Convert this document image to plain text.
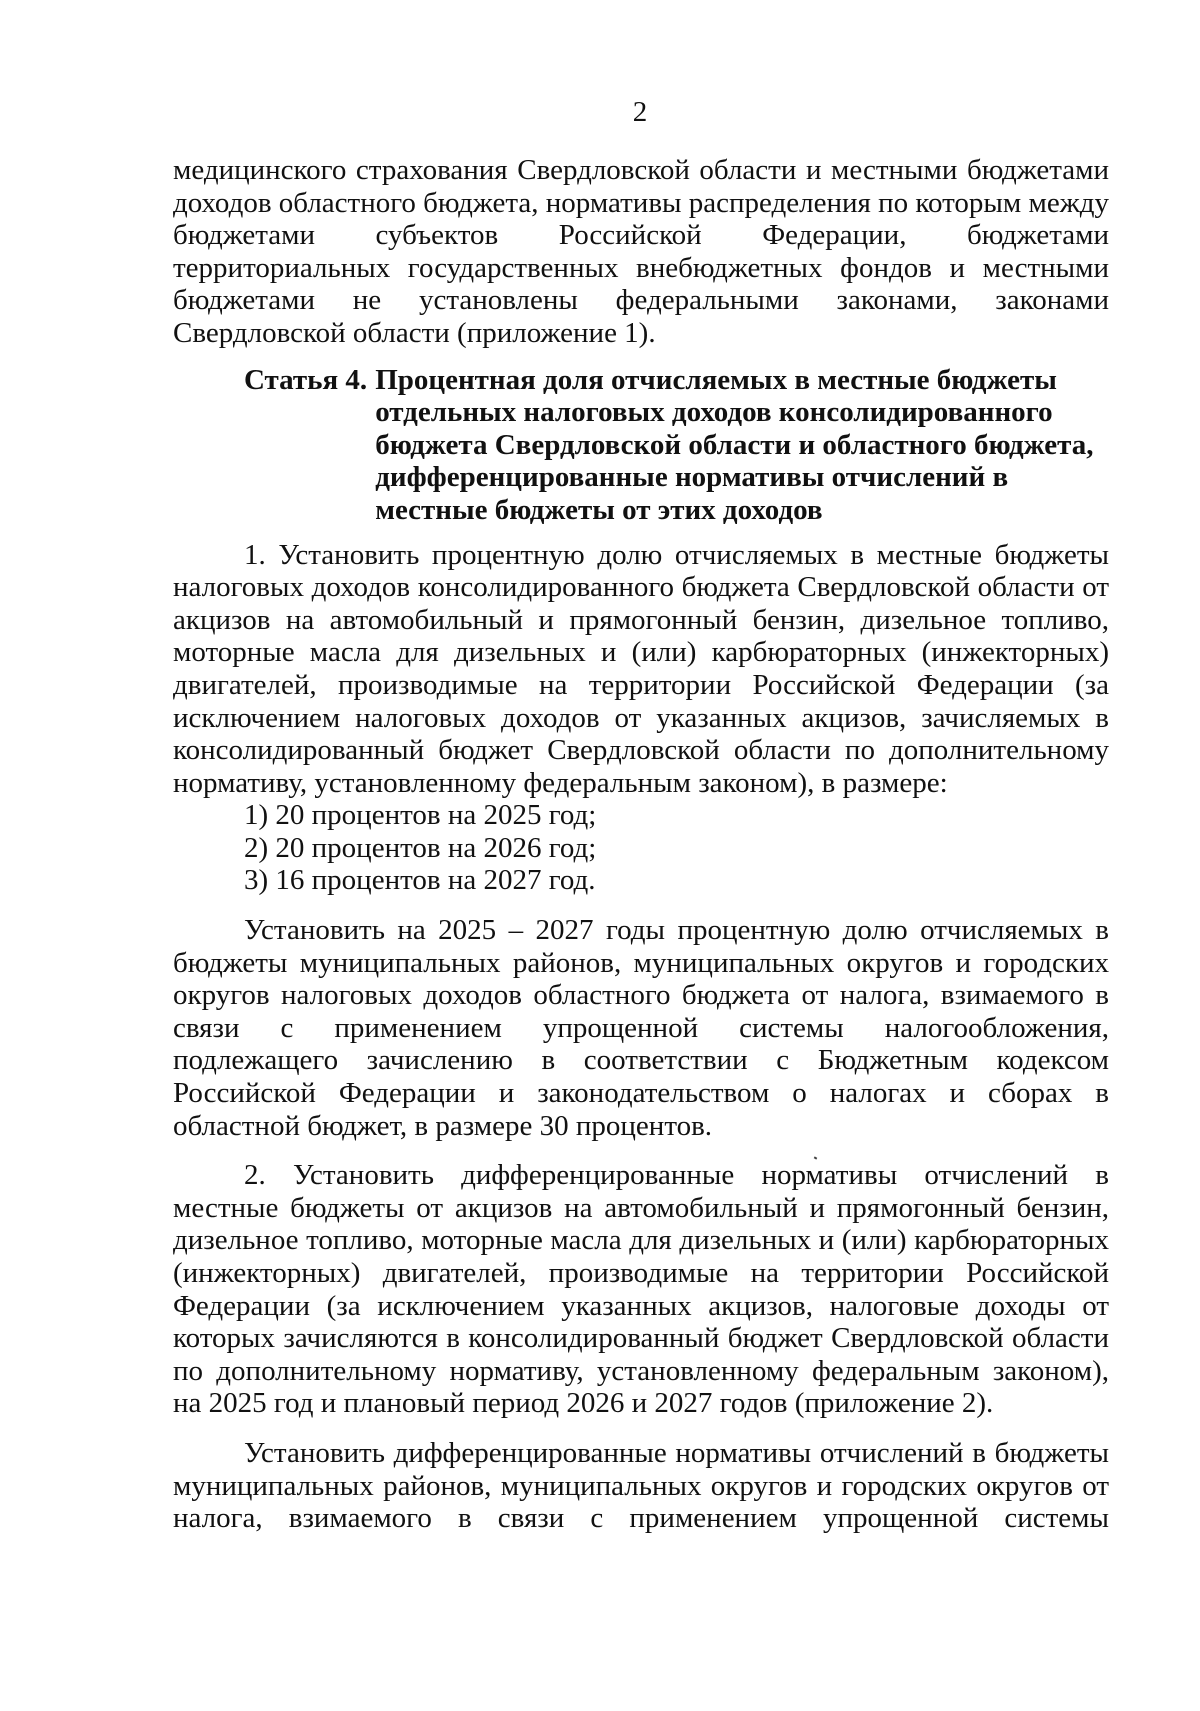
2

медицинского страхования Свердловской области и местными бюджетами доходов областного бюджета, нормативы распределения по которым между бюджетами субъектов Российской Федерации, бюджетами территориальных государственных внебюджетных фондов и местными бюджетами не установлены федеральными законами, законами Свердловской области (приложение 1).

Статья 4. Процентная доля отчисляемых в местные бюджеты отдельных налоговых доходов консолидированного бюджета Свердловской области и областного бюджета, дифференцированные нормативы отчислений в местные бюджеты от этих доходов

1. Установить процентную долю отчисляемых в местные бюджеты налоговых доходов консолидированного бюджета Свердловской области от акцизов на автомобильный и прямогонный бензин, дизельное топливо, моторные масла для дизельных и (или) карбюраторных (инжекторных) двигателей, производимые на территории Российской Федерации (за исключением налоговых доходов от указанных акцизов, зачисляемых в консолидированный бюджет Свердловской области по дополнительному нормативу, установленному федеральным законом), в размере:

1) 20 процентов на 2025 год;

2) 20 процентов на 2026 год;

3) 16 процентов на 2027 год.

Установить на 2025 – 2027 годы процентную долю отчисляемых в бюджеты муниципальных районов, муниципальных округов и городских округов налоговых доходов областного бюджета от налога, взимаемого в связи с применением упрощенной системы налогообложения, подлежащего зачислению в соответствии с Бюджетным кодексом Российской Федерации и законодательством о налогах и сборах в областной бюджет, в размере 30 процентов.

2. Установить дифференцированные нормативы отчислений в местные бюджеты от акцизов на автомобильный и прямогонный бензин, дизельное топливо, моторные масла для дизельных и (или) карбюраторных (инжекторных) двигателей, производимые на территории Российской Федерации (за исключением указанных акцизов, налоговые доходы от которых зачисляются в консолидированный бюджет Свердловской области по дополнительному нормативу, установленному федеральным законом), на 2025 год и плановый период 2026 и 2027 годов (приложение 2).

Установить дифференцированные нормативы отчислений в бюджеты муниципальных районов, муниципальных округов и городских округов от налога, взимаемого в связи с применением упрощенной системы
